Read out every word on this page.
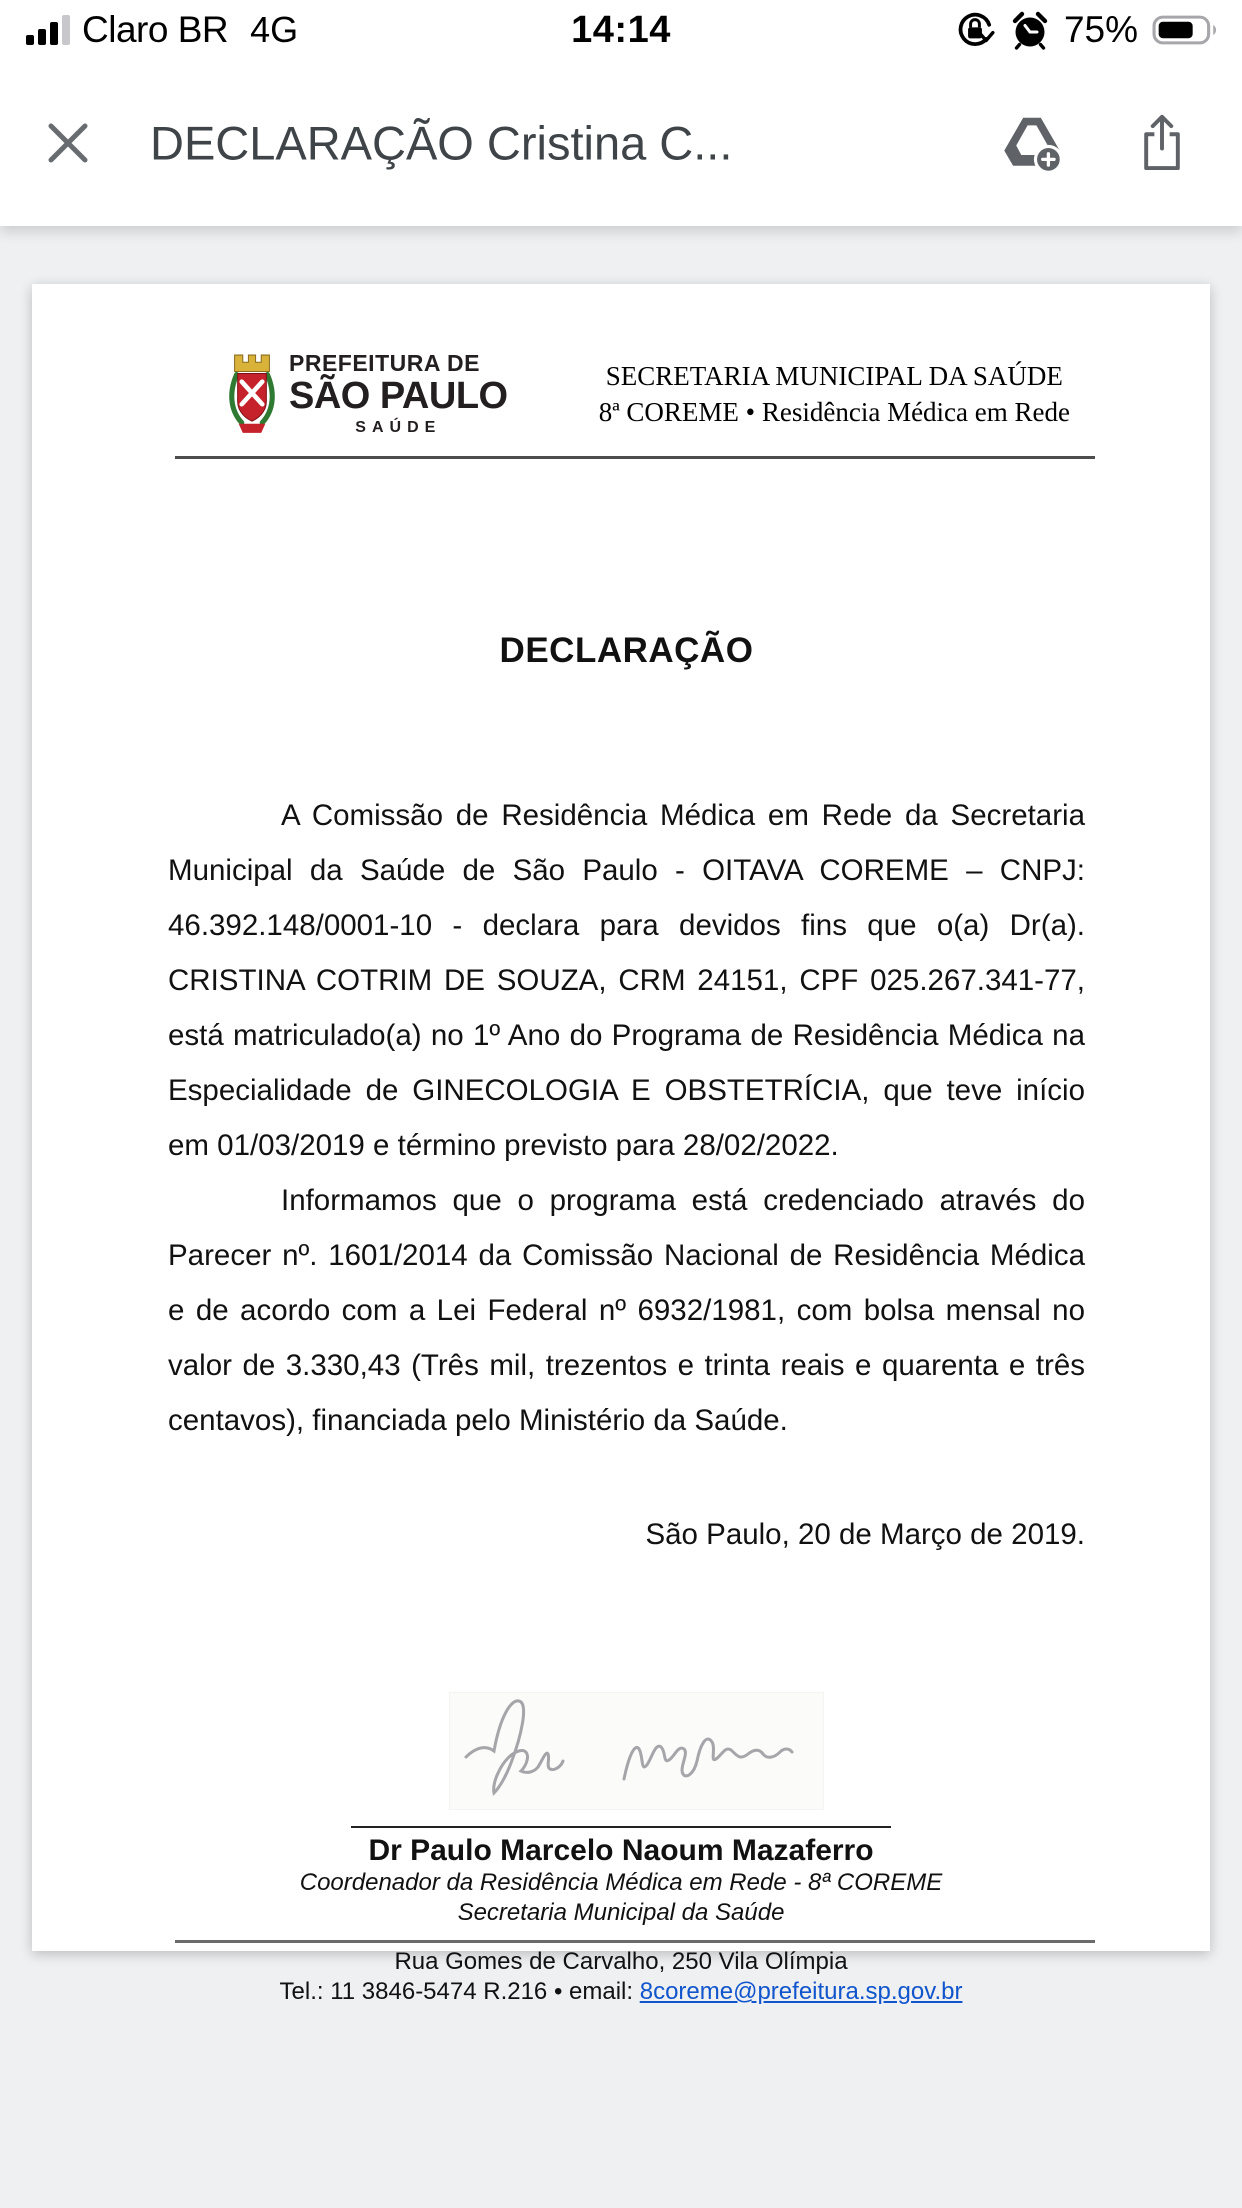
Claro BR 4G	14:14	75%
DECLARAÇÃO Cristina C...
PREFEITURA DE
SÃO PAULO
SAÚDE
SECRETARIA MUNICIPAL DA SAÚDE
8ª COREME • Residência Médica em Rede
DECLARAÇÃO

A Comissão de Residência Médica em Rede da Secretaria Municipal da Saúde de São Paulo - OITAVA COREME – CNPJ: 46.392.148/0001-10 - declara para devidos fins que o(a) Dr(a). CRISTINA COTRIM DE SOUZA, CRM 24151, CPF 025.267.341-77, está matriculado(a) no 1º Ano do Programa de Residência Médica na Especialidade de GINECOLOGIA E OBSTETRÍCIA, que teve início em 01/03/2019 e término previsto para 28/02/2022.

Informamos que o programa está credenciado através do Parecer nº. 1601/2014 da Comissão Nacional de Residência Médica e de acordo com a Lei Federal nº 6932/1981, com bolsa mensal no valor de 3.330,43 (Três mil, trezentos e trinta reais e quarenta e três centavos), financiada pelo Ministério da Saúde.

São Paulo, 20 de Março de 2019.
Dr Paulo Marcelo Naoum Mazaferro
Coordenador da Residência Médica em Rede - 8ª COREME
Secretaria Municipal da Saúde
Rua Gomes de Carvalho, 250 Vila Olímpia
Tel.: 11 3846-5474 R.216 • email: 8coreme@prefeitura.sp.gov.br
